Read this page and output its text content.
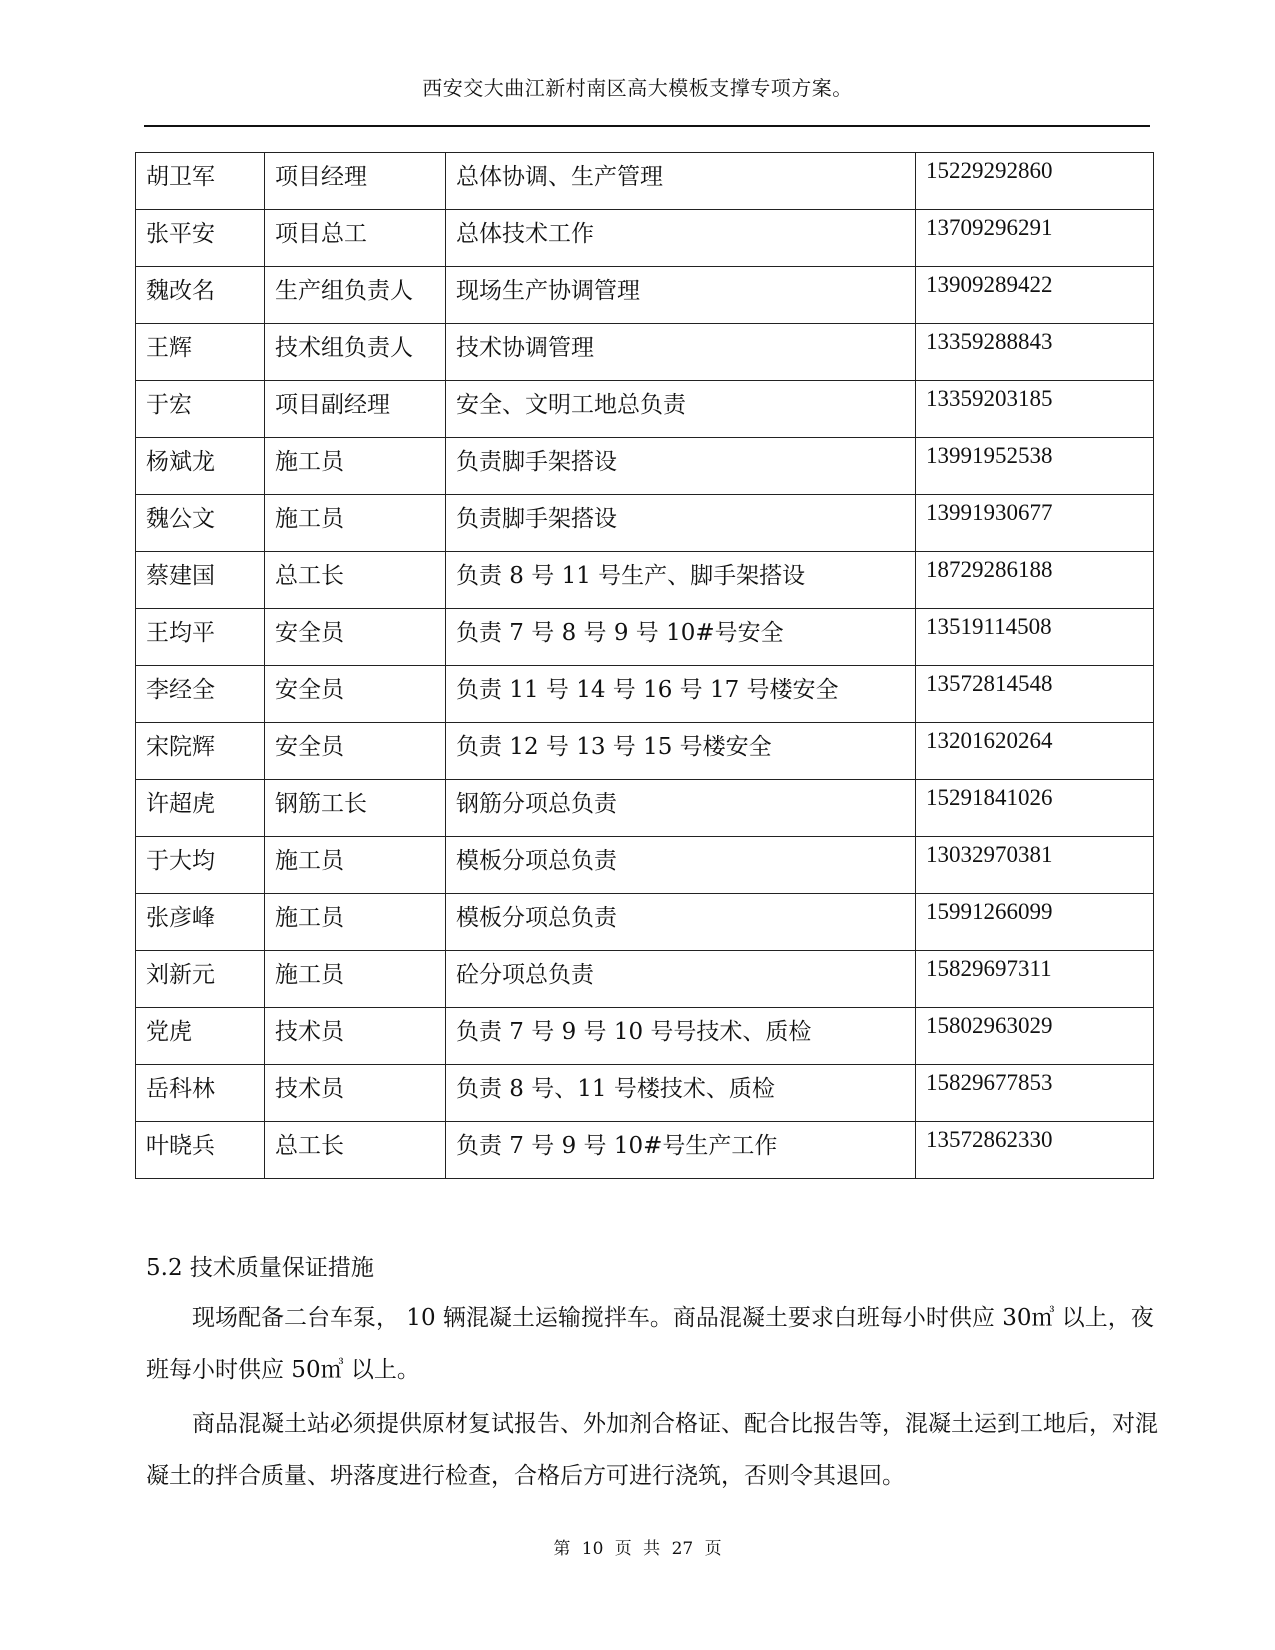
西安交大曲江新村南区高大模板支撑专项方案。
胡卫军	项目经理	总体协调、生产管理	15229292860
张平安	项目总工	总体技术工作	13709296291
魏改名	生产组负责人	现场生产协调管理	13909289422
王辉	技术组负责人	技术协调管理	13359288843
于宏	项目副经理	安全、文明工地总负责	13359203185
杨斌龙	施工员	负责脚手架搭设	13991952538
魏公文	施工员	负责脚手架搭设	13991930677
蔡建国	总工长	负责 8 号 11 号生产、脚手架搭设	18729286188
王均平	安全员	负责 7 号 8 号 9 号 10#号安全	13519114508
李经全	安全员	负责 11 号 14 号 16 号 17 号楼安全	13572814548
宋院辉	安全员	负责 12 号 13 号 15 号楼安全	13201620264
许超虎	钢筋工长	钢筋分项总负责	15291841026
于大均	施工员	模板分项总负责	13032970381
张彦峰	施工员	模板分项总负责	15991266099
刘新元	施工员	砼分项总负责	15829697311
党虎	技术员	负责 7 号 9 号 10 号号技术、质检	15802963029
岳科林	技术员	负责 8 号、11 号楼技术、质检	15829677853
叶晓兵	总工长	负责 7 号 9 号 10#号生产工作	13572862330
5.2 技术质量保证措施
现场配备二台车泵， 10 辆混凝土运输搅拌车。商品混凝土要求白班每小时供应 30㎥ 以上，夜班每小时供应 50㎥ 以上。
商品混凝土站必须提供原材复试报告、外加剂合格证、配合比报告等，混凝土运到工地后，对混凝土的拌合质量、坍落度进行检查，合格后方可进行浇筑，否则令其退回。
第 10 页 共 27 页
